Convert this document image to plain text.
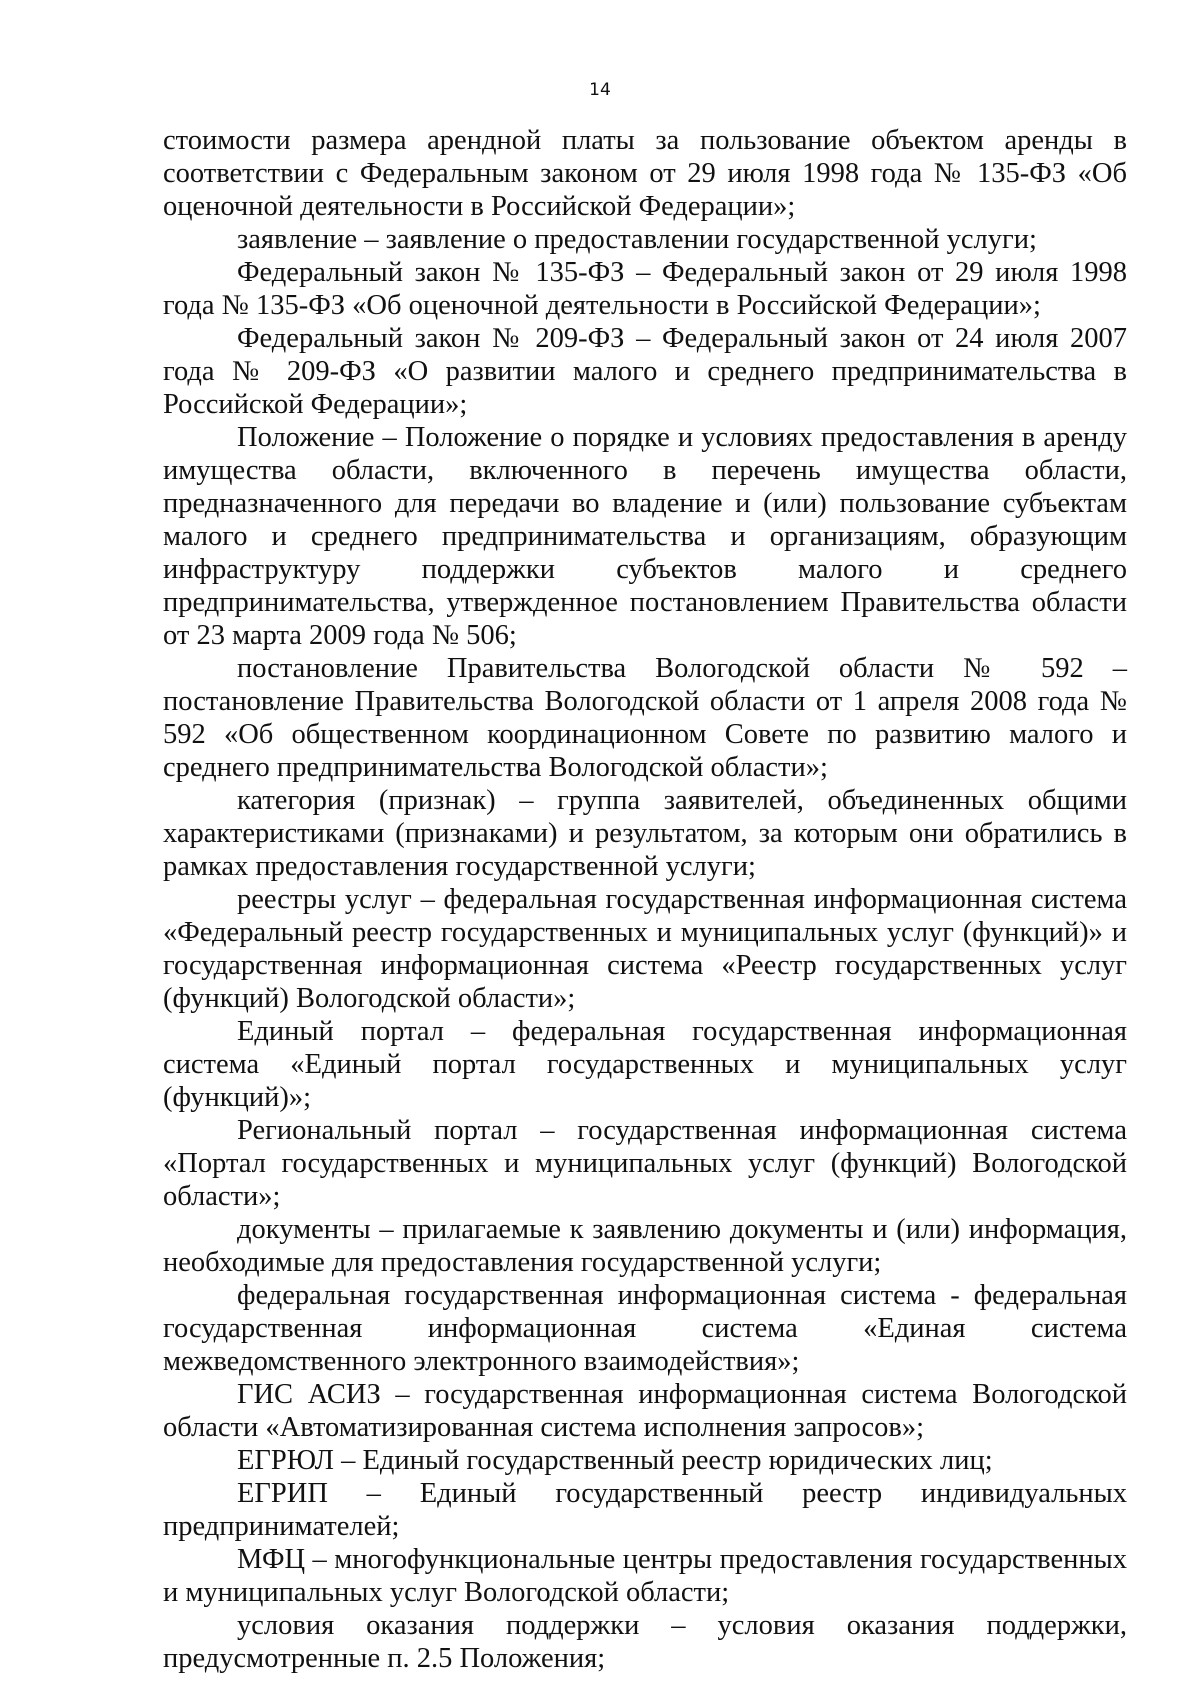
14

стоимости размера арендной платы за пользование объектом аренды в соответствии с Федеральным законом от 29 июля 1998 года № 135-ФЗ «Об оценочной деятельности в Российской Федерации»;

заявление – заявление о предоставлении государственной услуги;

Федеральный закон № 135-ФЗ – Федеральный закон от 29 июля 1998 года № 135-ФЗ «Об оценочной деятельности в Российской Федерации»;

Федеральный закон № 209-ФЗ – Федеральный закон от 24 июля 2007 года № 209-ФЗ «О развитии малого и среднего предпринимательства в Российской Федерации»;

Положение – Положение о порядке и условиях предоставления в аренду имущества области, включенного в перечень имущества области, предназначенного для передачи во владение и (или) пользование субъектам малого и среднего предпринимательства и организациям, образующим инфраструктуру поддержки субъектов малого и среднего предпринимательства, утвержденное постановлением Правительства области от 23 марта 2009 года № 506;

постановление Правительства Вологодской области № 592 – постановление Правительства Вологодской области от 1 апреля 2008 года № 592 «Об общественном координационном Совете по развитию малого и среднего предпринимательства Вологодской области»;

категория (признак) – группа заявителей, объединенных общими характеристиками (признаками) и результатом, за которым они обратились в рамках предоставления государственной услуги;

реестры услуг – федеральная государственная информационная система «Федеральный реестр государственных и муниципальных услуг (функций)» и государственная информационная система «Реестр государственных услуг (функций) Вологодской области»;

Единый портал – федеральная государственная информационная система «Единый портал государственных и муниципальных услуг (функций)»;

Региональный портал – государственная информационная система «Портал государственных и муниципальных услуг (функций) Вологодской области»;

документы – прилагаемые к заявлению документы и (или) информация, необходимые для предоставления государственной услуги;

федеральная государственная информационная система - федеральная государственная информационная система «Единая система межведомственного электронного взаимодействия»;

ГИС АСИЗ – государственная информационная система Вологодской области «Автоматизированная система исполнения запросов»;

ЕГРЮЛ – Единый государственный реестр юридических лиц;

ЕГРИП – Единый государственный реестр индивидуальных предпринимателей;

МФЦ – многофункциональные центры предоставления государственных и муниципальных услуг Вологодской области;

условия оказания поддержки – условия оказания поддержки, предусмотренные п. 2.5 Положения;
